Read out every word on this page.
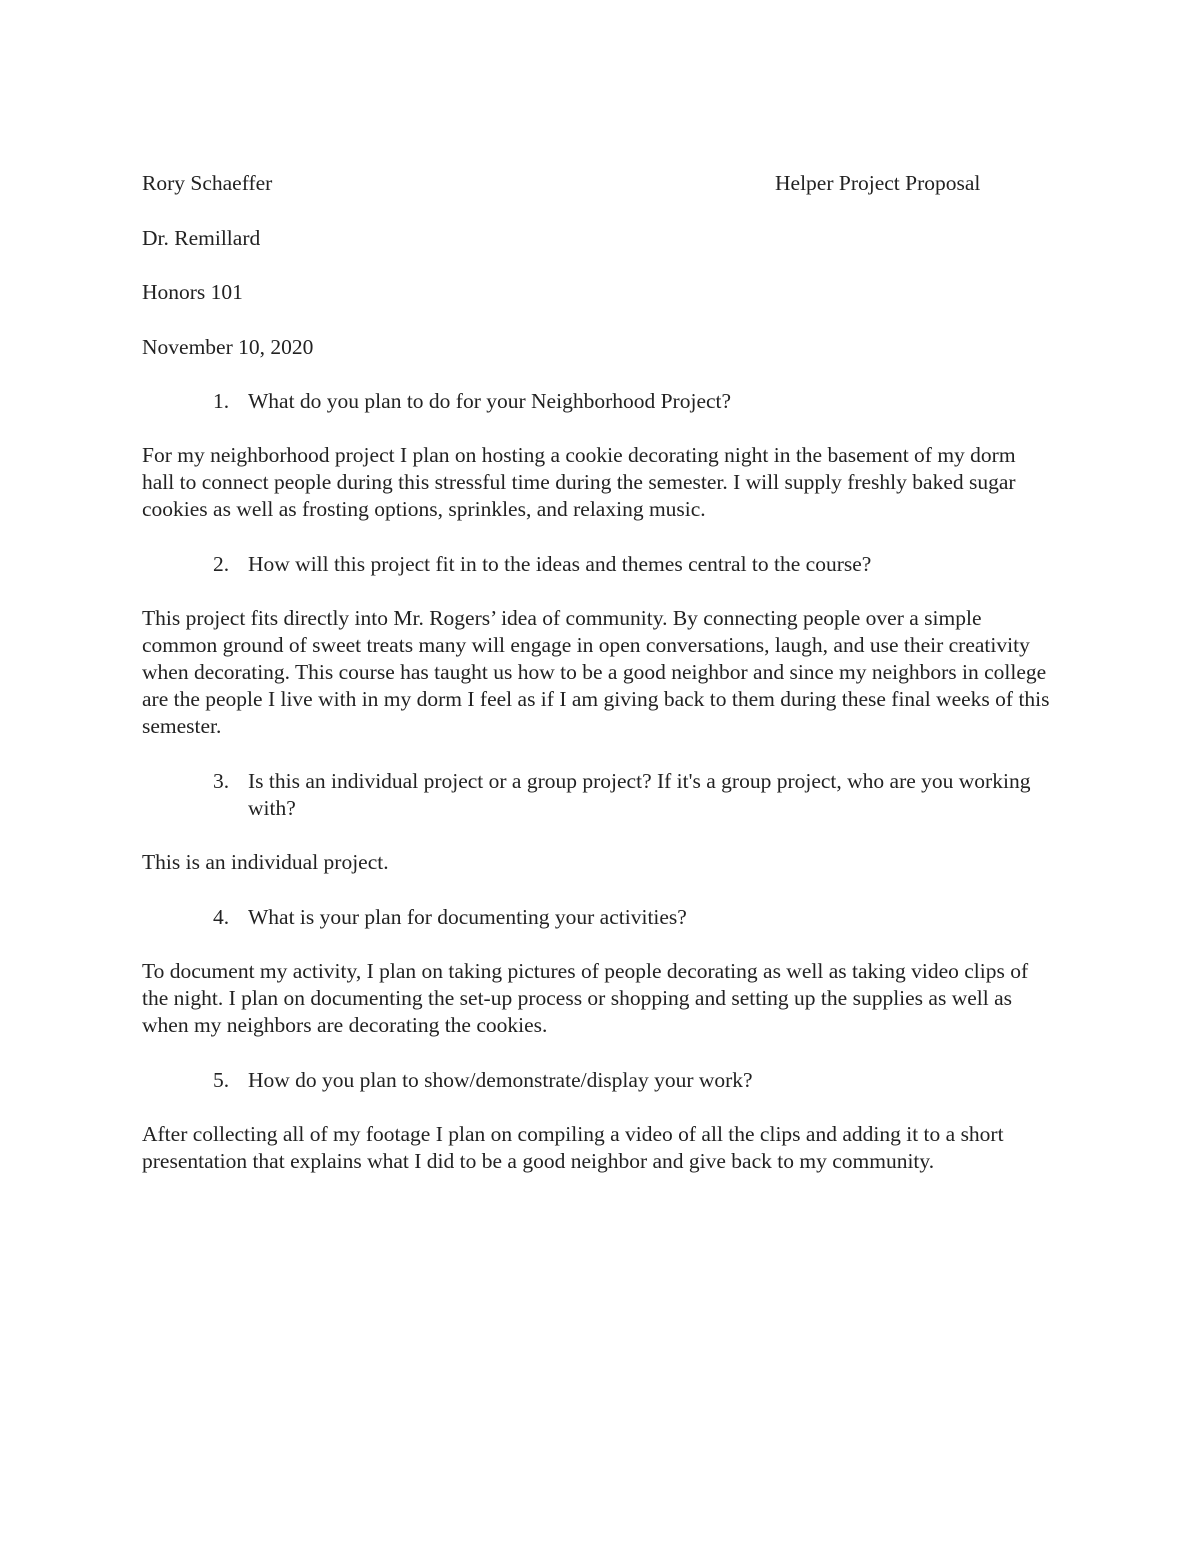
Rory Schaeffer	Helper Project Proposal
Dr. Remillard
Honors 101
November 10, 2020
1. What do you plan to do for your Neighborhood Project?
For my neighborhood project I plan on hosting a cookie decorating night in the basement of my dorm hall to connect people during this stressful time during the semester. I will supply freshly baked sugar cookies as well as frosting options, sprinkles, and relaxing music.
2. How will this project fit in to the ideas and themes central to the course?
This project fits directly into Mr. Rogers’ idea of community. By connecting people over a simple common ground of sweet treats many will engage in open conversations, laugh, and use their creativity when decorating. This course has taught us how to be a good neighbor and since my neighbors in college are the people I live with in my dorm I feel as if I am giving back to them during these final weeks of this semester.
3. Is this an individual project or a group project? If it's a group project, who are you working with?
This is an individual project.
4. What is your plan for documenting your activities?
To document my activity, I plan on taking pictures of people decorating as well as taking video clips of the night. I plan on documenting the set-up process or shopping and setting up the supplies as well as when my neighbors are decorating the cookies.
5. How do you plan to show/demonstrate/display your work?
After collecting all of my footage I plan on compiling a video of all the clips and adding it to a short presentation that explains what I did to be a good neighbor and give back to my community.
